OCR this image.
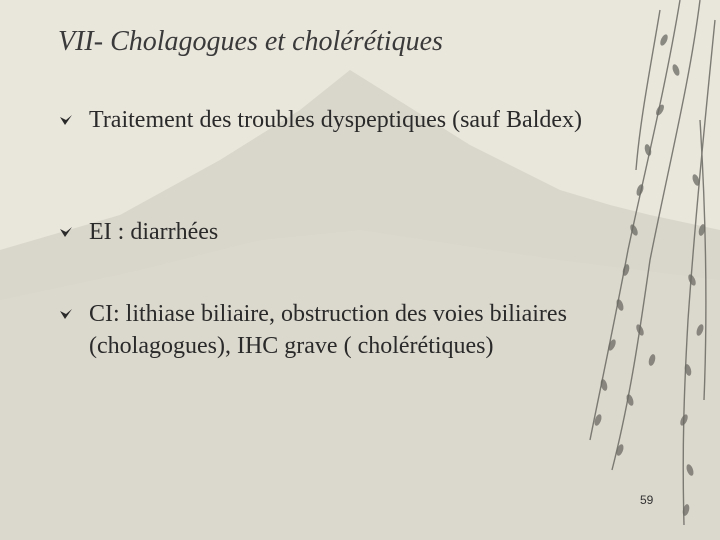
VII- Cholagogues et cholérétiques
Traitement des troubles dyspeptiques (sauf Baldex)
EI : diarrhées
CI: lithiase biliaire, obstruction des voies biliaires (cholagogues), IHC grave ( cholérétiques)
59
